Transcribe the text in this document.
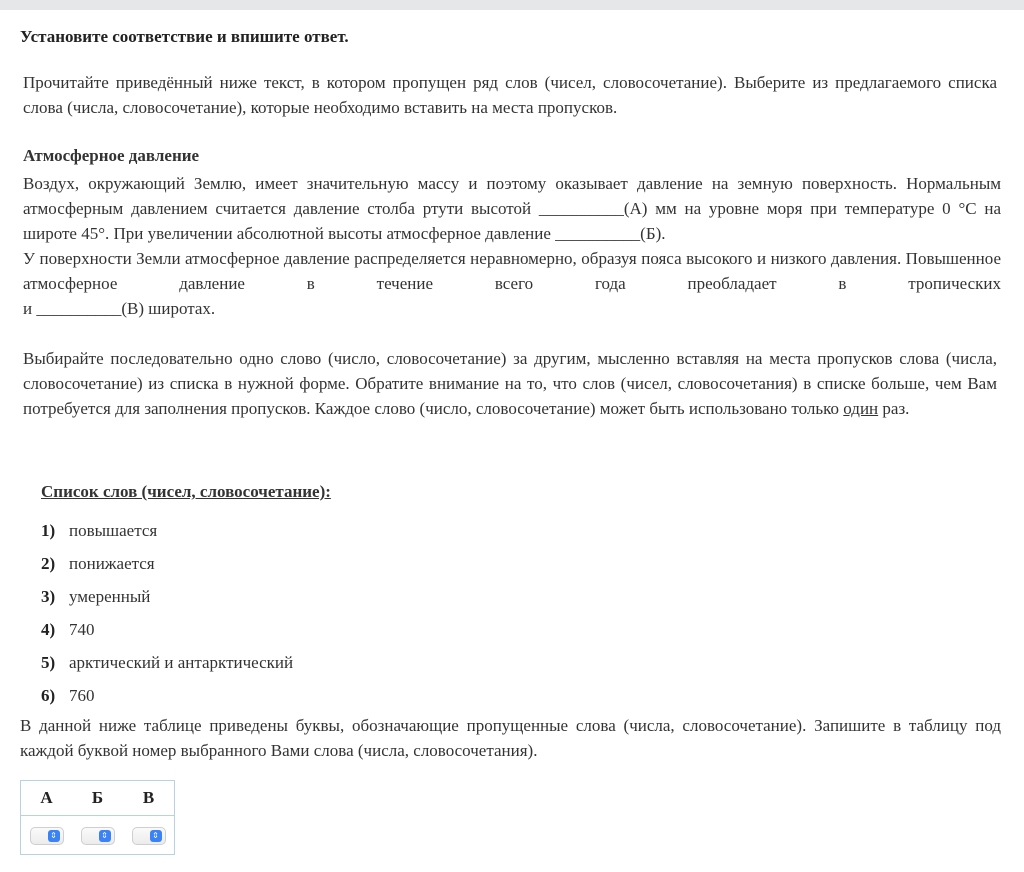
Установите соответствие и впишите ответ.
Прочитайте приведённый ниже текст, в котором пропущен ряд слов (чисел, словосочетание). Выберите из предлагаемого списка слова (числа, словосочетание), которые необходимо вставить на места пропусков.
Атмосферное давление
Воздух, окружающий Землю, имеет значительную массу и поэтому оказывает давление на земную поверхность. Нормальным атмосферным давлением считается давление столба ртути высотой __________(А) мм на уровне моря при температуре 0 °С на широте 45°. При увеличении абсолютной высоты атмосферное давление __________(Б).
У поверхности Земли атмосферное давление распределяется неравномерно, образуя пояса высокого и низкого давления. Повышенное атмосферное давление в течение всего года преобладает в тропических
и __________(В) широтах.
Выбирайте последовательно одно слово (число, словосочетание) за другим, мысленно вставляя на места пропусков слова (числа, словосочетание) из списка в нужной форме. Обратите внимание на то, что слов (чисел, словосочетания) в списке больше, чем Вам потребуется для заполнения пропусков. Каждое слово (число, словосочетание) может быть использовано только один раз.
Список слов (чисел, словосочетание):
1) повышается
2) понижается
3) умеренный
4) 740
5) арктический и антарктический
6) 760
В данной ниже таблице приведены буквы, обозначающие пропущенные слова (числа, словосочетание). Запишите в таблицу под каждой буквой номер выбранного Вами слова (числа, словосочетания).
А	Б	В

⇕	⇕	⇕
